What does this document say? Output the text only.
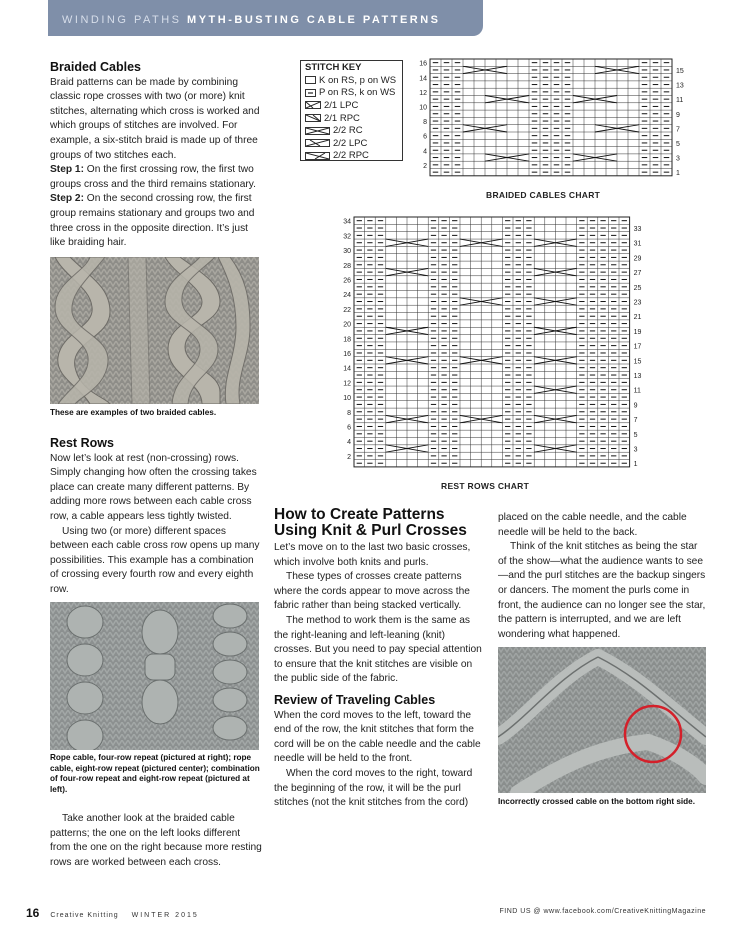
WINDING PATHS MYTH-BUSTING CABLE PATTERNS
Braided Cables

Braid patterns can be made by combining classic rope crosses with two (or more) knit stitches, alternating which cross is worked and which groups of stitches are involved. For example, a six-stitch braid is made up of three groups of two stitches each.

Step 1: On the first crossing row, the first two groups cross and the third remains stationary.

Step 2: On the second crossing row, the first group remains stationary and groups two and three cross in the opposite direction. It’s just like braiding hair.

These are examples of two braided cables.
Rest Rows

Now let’s look at rest (non-crossing) rows. Simply changing how often the crossing takes place can create many different patterns. By adding more rows between each cable cross row, a cable appears less tightly twisted.

Using two (or more) different spaces between each cable cross row opens up many possibilities. This example has a combination of crossing every fourth row and every eighth row.

Rope cable, four-row repeat (pictured at right); rope cable, eight-row repeat (pictured center); combination of four-row repeat and eight-row repeat (pictured at left).

Take another look at the braided cable patterns; the one on the left looks different from the one on the right because more resting rows are worked between each cross.

STITCH KEY
K on RS, p on WS
P on RS, k on WS
2/1 LPC
2/1 RPC
2/2 RC
2/2 LPC
2/2 RPC
16
14
12
10
8
6
4
2
15
13
11
9
7
5
3
1
BRAIDED CABLES CHART
34
32
30
28
26
24
22
20
18
16
14
12
10
8
6
4
2
33
31
29
27
25
23
21
19
17
15
13
11
9
7
5
3
1
REST ROWS CHART
How to Create Patterns Using Knit & Purl Crosses

Let’s move on to the last two basic crosses, which involve both knits and purls.

These types of crosses create patterns where the cords appear to move across the fabric rather than being stacked vertically.

The method to work them is the same as the right-leaning and left-leaning (knit) crosses. But you need to pay special attention to ensure that the knit stitches are visible on the public side of the fabric.

Review of Traveling Cables

When the cord moves to the left, toward the end of the row, the knit stitches that form the cord will be on the cable needle and the cable needle will be held to the front.

When the cord moves to the right, toward the beginning of the row, it will be the purl stitches (not the knit stitches from the cord)

placed on the cable needle, and the cable needle will be held to the back.

Think of the knit stitches as being the star of the show—what the audience wants to see—and the purl stitches are the backup singers or dancers. The moment the purls come in front, the audience can no longer see the star, the pattern is interrupted, and we are left wondering what happened.

Incorrectly crossed cable on the bottom right side.
16 Creative Knitting WINTER 2015
FIND US @ www.facebook.com/CreativeKnittingMagazine
